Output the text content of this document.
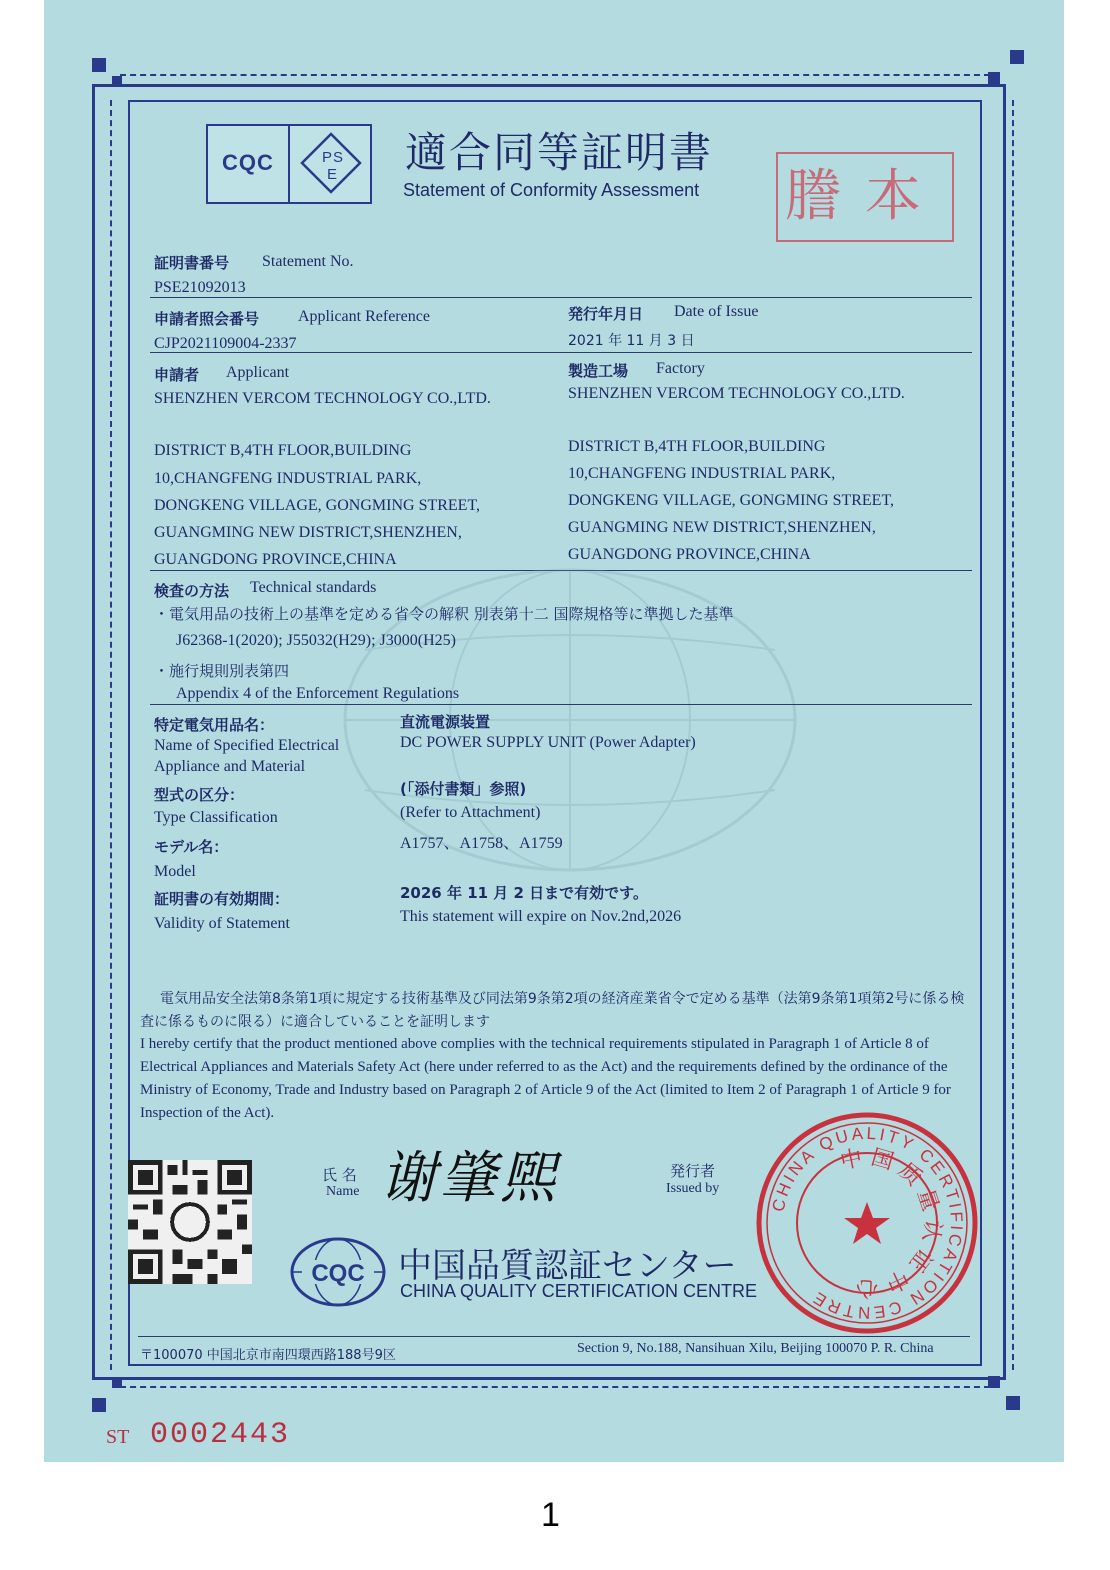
CQC	P S
E 適合同等証明書
Statement of Conformity Assessment 謄本
証明書番号 Statement No.
PSE21092013
申請者照会番号 Applicant Reference
CJP2021109004-2337
発行年月日 Date of Issue
2021 年 11 月 3 日
申請者 Applicant
SHENZHEN VERCOM TECHNOLOGY CO.,LTD.
DISTRICT B,4TH FLOOR,BUILDING
10,CHANGFENG INDUSTRIAL PARK,
DONGKENG VILLAGE, GONGMING STREET,
GUANGMING NEW DISTRICT,SHENZHEN,
GUANGDONG PROVINCE,CHINA
製造工場 Factory
SHENZHEN VERCOM TECHNOLOGY CO.,LTD.
DISTRICT B,4TH FLOOR,BUILDING
10,CHANGFENG INDUSTRIAL PARK,
DONGKENG VILLAGE, GONGMING STREET,
GUANGMING NEW DISTRICT,SHENZHEN,
GUANGDONG PROVINCE,CHINA
検査の方法 Technical standards
・電気用品の技術上の基準を定める省令の解釈 別表第十二 国際規格等に準拠した基準
J62368-1(2020); J55032(H29); J3000(H25)
・施行規則別表第四
Appendix 4 of the Enforcement Regulations
特定電気用品名：
Name of Specified Electrical
Appliance and Material
直流電源装置
DC POWER SUPPLY UNIT (Power Adapter)
型式の区分：
Type Classification
(「添付書類」参照)
(Refer to Attachment)
モデル名：
Model
A1757、A1758、A1759
証明書の有効期間：
Validity of Statement
2026 年 11 月 2 日まで有効です。
This statement will expire on Nov.2nd,2026
電気用品安全法第8条第1項に規定する技術基準及び同法第9条第2項の経済産業省令で定める基準（法第9条第1項第2号に係る検査に係るものに限る）に適合していることを証明します
I hereby certify that the product mentioned above complies with the technical requirements stipulated in Paragraph 1 of Article 8 of Electrical Appliances and Materials Safety Act (here under referred to as the Act) and the requirements defined by the ordinance of the Ministry of Economy, Trade and Industry based on Paragraph 2 of Article 9 of the Act (limited to Item 2 of Paragraph 1 of Article 9 for Inspection of the Act).
氏 名
Name 谢肇煕	発行者
Issued by
CQC 中国品質認証センター
CHINA QUALITY CERTIFICATION CENTRE
CHINA QUALITY CERTIFICATION CENTRE
中国质量认证中心
〒100070 中国北京市南四環西路188号9区	Section 9, No.188, Nansihuan Xilu, Beijing 100070 P. R. China
ST 0002443
1
